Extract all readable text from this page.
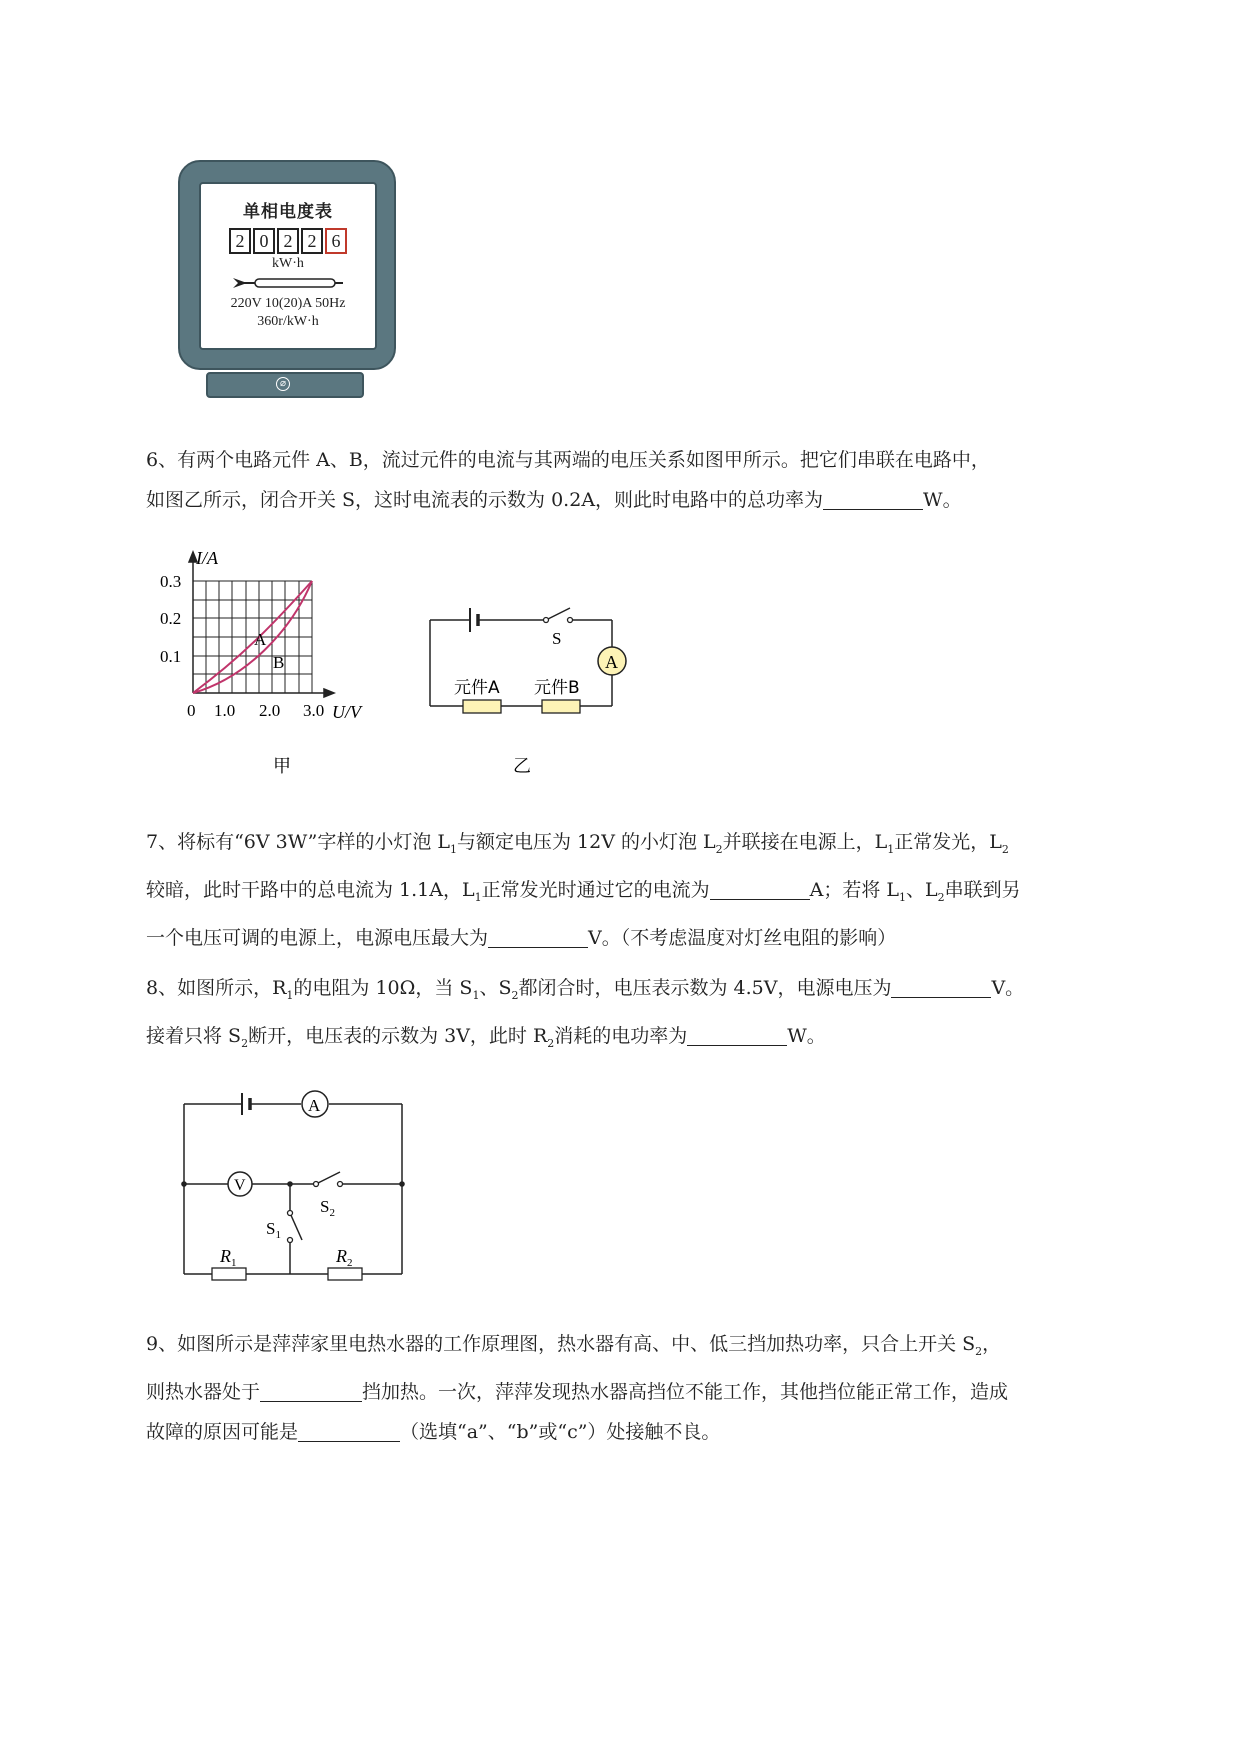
单相电度表
2 0 2 2 6
kW·h
220V 10(20)A 50Hz
360r/kW·h
⌀
6、有两个电路元件 A、B，流过元件的电流与其两端的电压关系如图甲所示。把它们串联在电路中，
如图乙所示，闭合开关 S，这时电流表的示数为 0.2A，则此时电路中的总功率为	W。
I/A
0.3
0.2
0.1
0 1.0 2.0 3.0 U/V
A
B
甲
A
S
元件A 元件B
乙
7、将标有“6V 3W”字样的小灯泡 $L_1$与额定电压为 12V 的小灯泡 $L_2$并联接在电源上，$L_1$正常发光，$L_2$
较暗，此时干路中的总电流为 1.1A，$L_1$正常发光时通过它的电流为	A；若将 $L_1$、$L_2$串联到另
一个电压可调的电源上，电源电压最大为	V。（不考虑温度对灯丝电阻的影响）
8、如图所示，$R_1$的电阻为 10Ω，当 $S_1$、$S_2$都闭合时，电压表示数为 4.5V，电源电压为	V。
接着只将 $S_2$断开，电压表的示数为 3V，此时 $R_2$消耗的电功率为	W。
A
V
$S_2$
$S_1$
$R_1$	$R_2$
9、如图所示是萍萍家里电热水器的工作原理图，热水器有高、中、低三挡加热功率，只合上开关 $S_2$，
则热水器处于	挡加热。一次，萍萍发现热水器高挡位不能工作，其他挡位能正常工作，造成
故障的原因可能是	（选填“a”、“b”或“c”）处接触不良。
